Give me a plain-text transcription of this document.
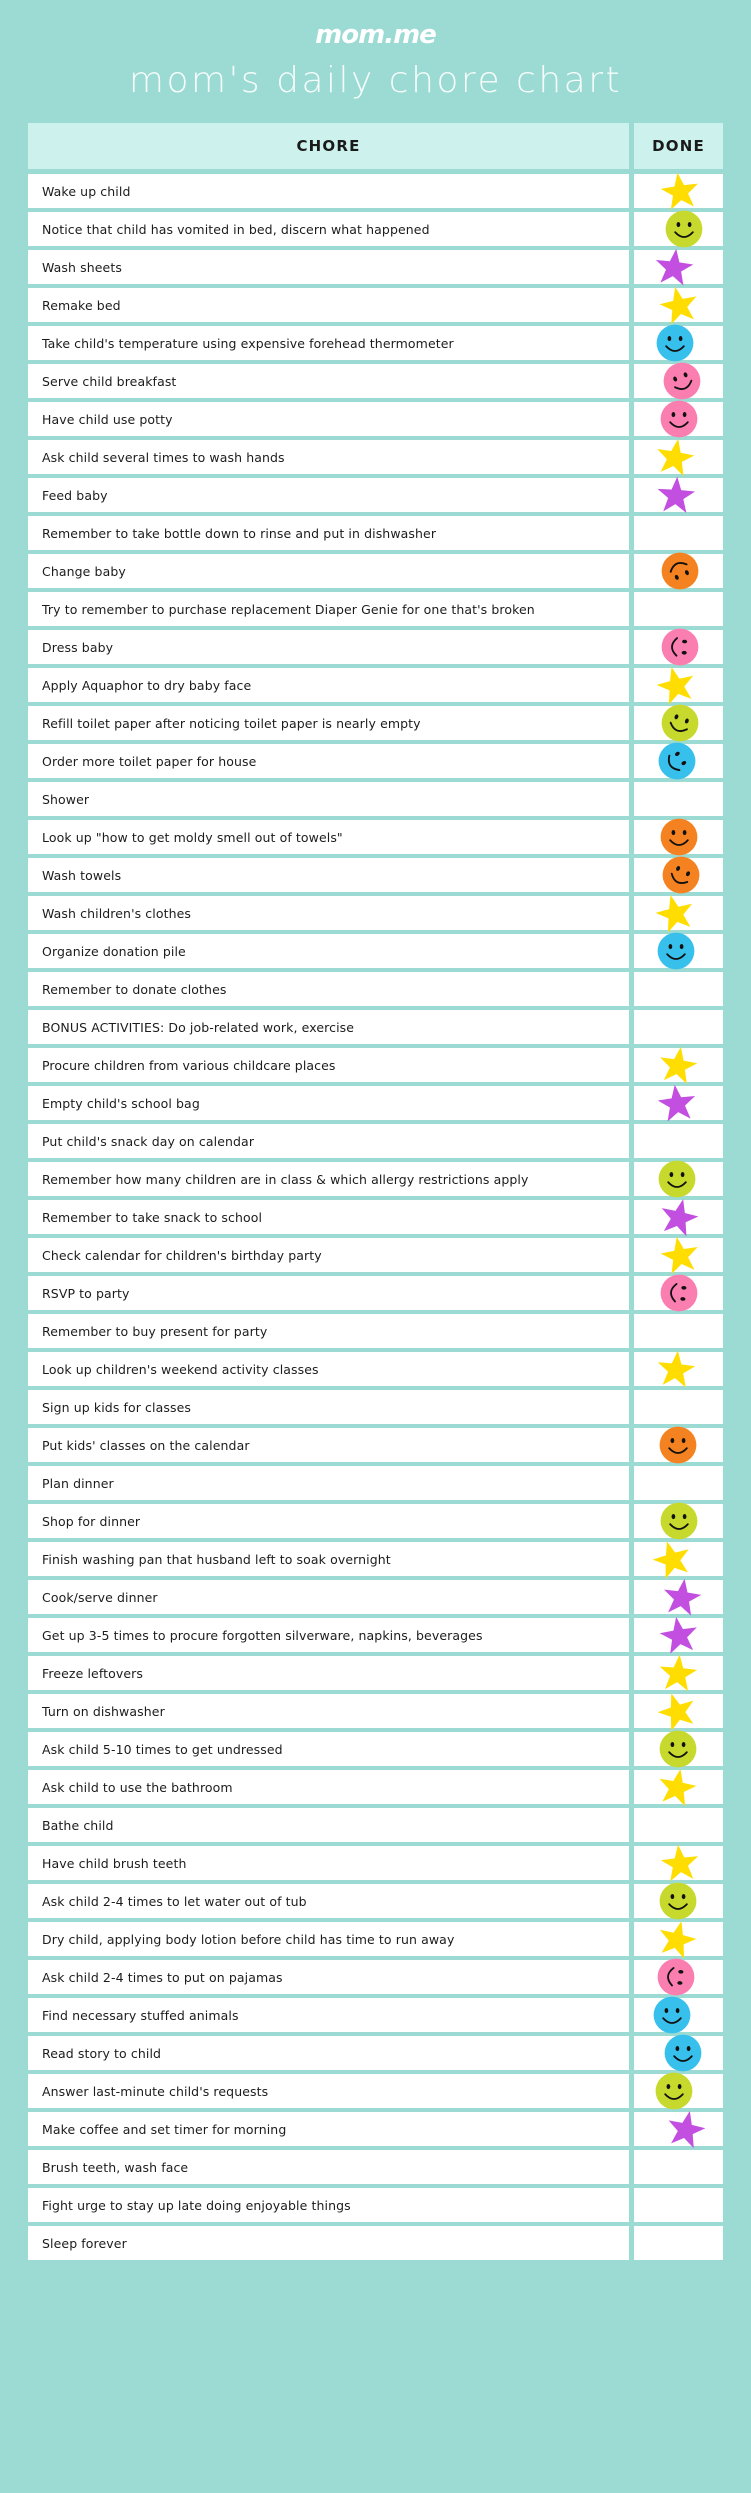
mom.me
mom's daily chore chart
CHORE	DONE
Wake up child
Notice that child has vomited in bed, discern what happened
Wash sheets
Remake bed
Take child's temperature using expensive forehead thermometer
Serve child breakfast
Have child use potty
Ask child several times to wash hands
Feed baby
Remember to take bottle down to rinse and put in dishwasher
Change baby
Try to remember to purchase replacement Diaper Genie for one that's broken
Dress baby
Apply Aquaphor to dry baby face
Refill toilet paper after noticing toilet paper is nearly empty
Order more toilet paper for house
Shower
Look up "how to get moldy smell out of towels"
Wash towels
Wash children's clothes
Organize donation pile
Remember to donate clothes
BONUS ACTIVITIES: Do job-related work, exercise
Procure children from various childcare places
Empty child's school bag
Put child's snack day on calendar
Remember how many children are in class & which allergy restrictions apply
Remember to take snack to school
Check calendar for children's birthday party
RSVP to party
Remember to buy present for party
Look up children's weekend activity classes
Sign up kids for classes
Put kids' classes on the calendar
Plan dinner
Shop for dinner
Finish washing pan that husband left to soak overnight
Cook/serve dinner
Get up 3-5 times to procure forgotten silverware, napkins, beverages
Freeze leftovers
Turn on dishwasher
Ask child 5-10 times to get undressed
Ask child to use the bathroom
Bathe child
Have child brush teeth
Ask child 2-4 times to let water out of tub
Dry child, applying body lotion before child has time to run away
Ask child 2-4 times to put on pajamas
Find necessary stuffed animals
Read story to child
Answer last-minute child's requests
Make coffee and set timer for morning
Brush teeth, wash face
Fight urge to stay up late doing enjoyable things
Sleep forever
